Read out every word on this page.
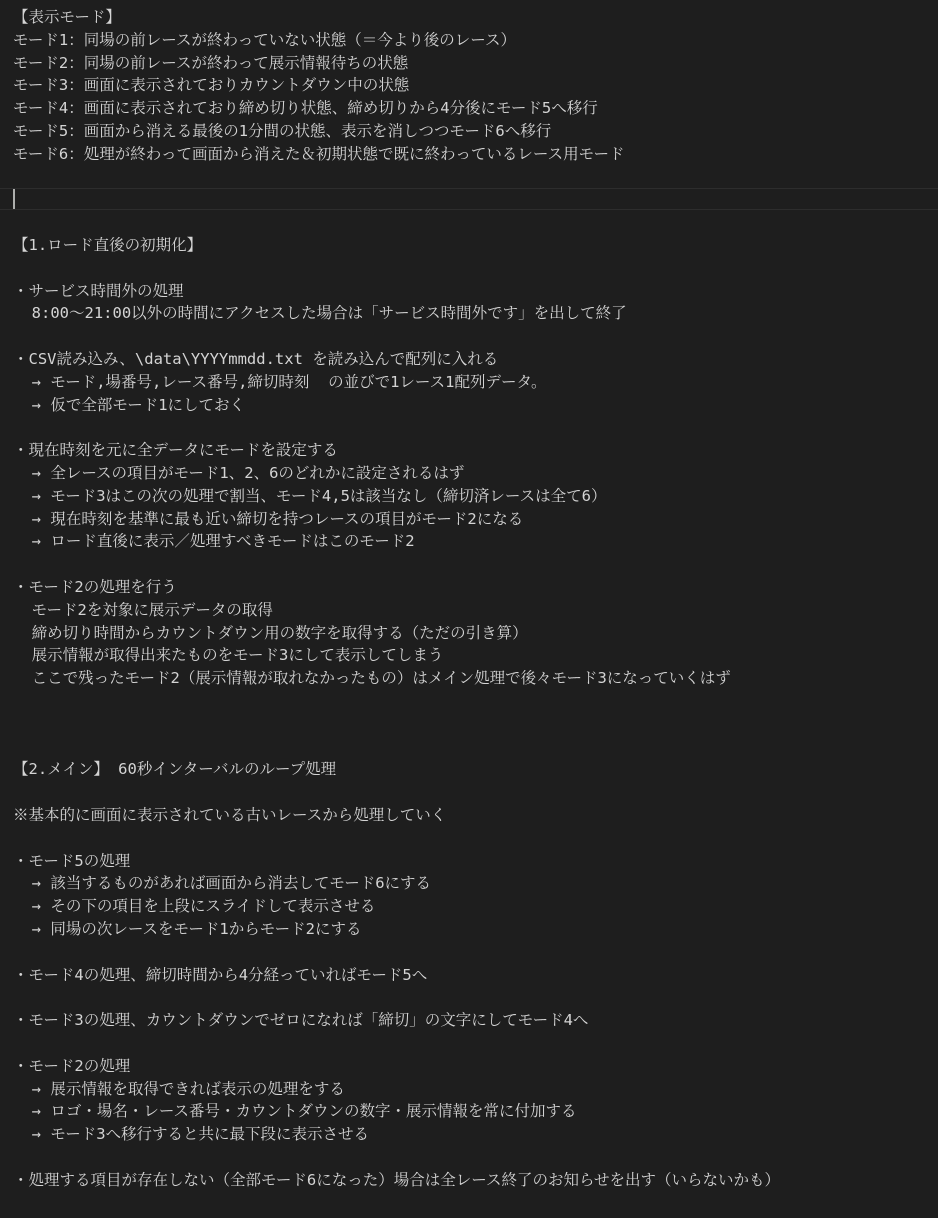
【表示モード】
モード1：同場の前レースが終わっていない状態（＝今より後のレース）
モード2：同場の前レースが終わって展示情報待ちの状態
モード3：画面に表示されておりカウントダウン中の状態
モード4：画面に表示されており締め切り状態、締め切りから4分後にモード5へ移行
モード5：画面から消える最後の1分間の状態、表示を消しつつモード6へ移行
モード6：処理が終わって画面から消えた＆初期状態で既に終わっているレース用モード
【1.ロード直後の初期化】
・サービス時間外の処理
8:00～21:00以外の時間にアクセスした場合は「サービス時間外です」を出して終了
・CSV読み込み、\data\YYYYmmdd.txt を読み込んで配列に入れる
→ モード,場番号,レース番号,締切時刻  の並びで1レース1配列データ。
→ 仮で全部モード1にしておく
・現在時刻を元に全データにモードを設定する
→ 全レースの項目がモード1、2、6のどれかに設定されるはず
→ モード3はこの次の処理で割当、モード4,5は該当なし（締切済レースは全て6）
→ 現在時刻を基準に最も近い締切を持つレースの項目がモード2になる
→ ロード直後に表示／処理すべきモードはこのモード2
・モード2の処理を行う
モード2を対象に展示データの取得
締め切り時間からカウントダウン用の数字を取得する（ただの引き算）
展示情報が取得出来たものをモード3にして表示してしまう
ここで残ったモード2（展示情報が取れなかったもの）はメイン処理で後々モード3になっていくはず
【2.メイン】 60秒インターバルのループ処理
※基本的に画面に表示されている古いレースから処理していく
・モード5の処理
→ 該当するものがあれば画面から消去してモード6にする
→ その下の項目を上段にスライドして表示させる
→ 同場の次レースをモード1からモード2にする
・モード4の処理、締切時間から4分経っていればモード5へ
・モード3の処理、カウントダウンでゼロになれば「締切」の文字にしてモード4へ
・モード2の処理
→ 展示情報を取得できれば表示の処理をする
→ ロゴ・場名・レース番号・カウントダウンの数字・展示情報を常に付加する
→ モード3へ移行すると共に最下段に表示させる
・処理する項目が存在しない（全部モード6になった）場合は全レース終了のお知らせを出す（いらないかも）
